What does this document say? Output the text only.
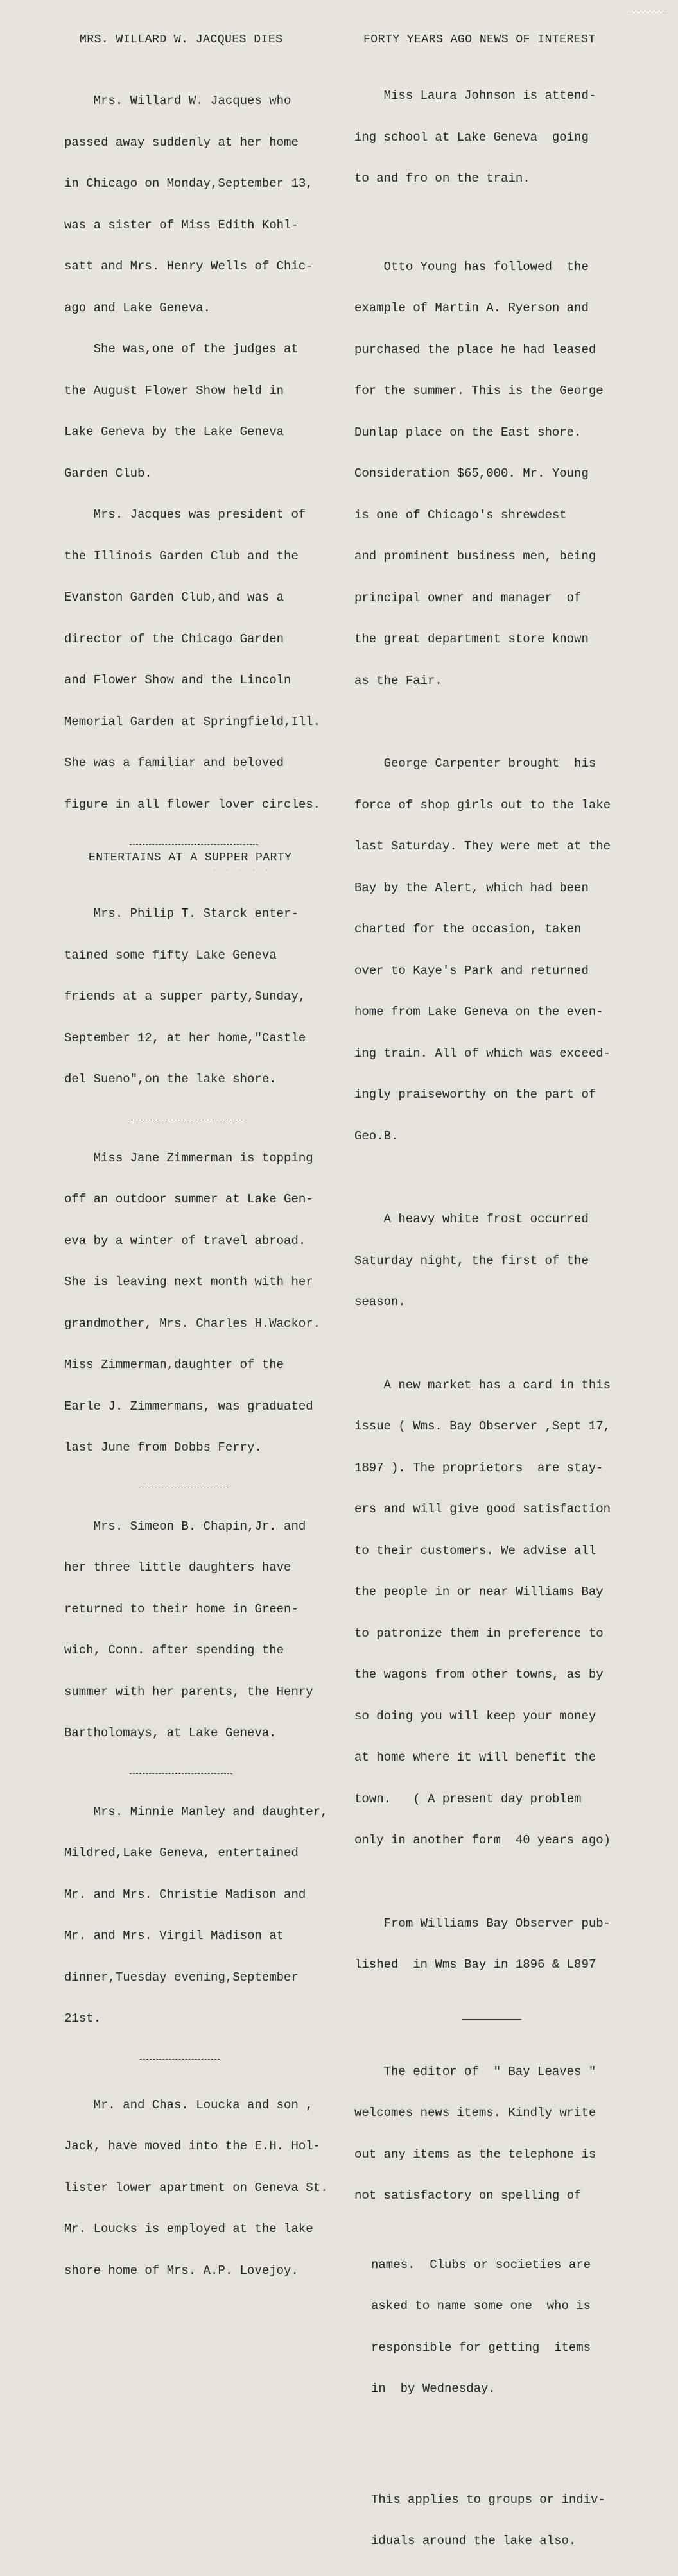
MRS. WILLARD W. JACQUES DIES

Mrs. Willard W. Jacques who

passed away suddenly at her home

in Chicago on Monday,September 13,

was a sister of Miss Edith Kohl-

satt and Mrs. Henry Wells of Chic-

ago and Lake Geneva.

She was,one of the judges at

the August Flower Show held in

Lake Geneva by the Lake Geneva

Garden Club.

Mrs. Jacques was president of

the Illinois Garden Club and the

Evanston Garden Club,and was a

director of the Chicago Garden

and Flower Show and the Lincoln

Memorial Garden at Springfield,Ill.

She was a familiar and beloved

figure in all flower lover circles.

ENTERTAINS AT A SUPPER PARTY

Mrs. Philip T. Starck enter-

tained some fifty Lake Geneva

friends at a supper party,Sunday,

September 12, at her home,"Castle

del Sueno",on the lake shore.

Miss Jane Zimmerman is topping

off an outdoor summer at Lake Gen-

eva by a winter of travel abroad.

She is leaving next month with her

grandmother, Mrs. Charles H.Wackor.

Miss Zimmerman,daughter of the

Earle J. Zimmermans, was graduated

last June from Dobbs Ferry.

Mrs. Simeon B. Chapin,Jr. and

her three little daughters have

returned to their home in Green-

wich, Conn. after spending the

summer with her parents, the Henry

Bartholomays, at Lake Geneva.

Mrs. Minnie Manley and daughter,

Mildred,Lake Geneva, entertained

Mr. and Mrs. Christie Madison and

Mr. and Mrs. Virgil Madison at

dinner,Tuesday evening,September

21st.

Mr. and Chas. Loucka and son ,

Jack, have moved into the E.H. Hol-

lister lower apartment on Geneva St.

Mr. Loucks is employed at the lake

shore home of Mrs. A.P. Lovejoy.

FORTY YEARS AGO NEWS OF INTEREST

Miss Laura Johnson is attend-

ing school at Lake Geneva  going

to and fro on the train.

Otto Young has followed  the

example of Martin A. Ryerson and

purchased the place he had leased

for the summer. This is the George

Dunlap place on the East shore.

Consideration $65,000. Mr. Young

is one of Chicago's shrewdest

and prominent business men, being

principal owner and manager  of

the great department store known

as the Fair.

George Carpenter brought  his

force of shop girls out to the lake

last Saturday. They were met at the

Bay by the Alert, which had been

charted for the occasion, taken

over to Kaye's Park and returned

home from Lake Geneva on the even-

ing train. All of which was exceed-

ingly praiseworthy on the part of

Geo.B.

A heavy white frost occurred

Saturday night, the first of the

season.

A new market has a card in this

issue ( Wms. Bay Observer ,Sept 17,

1897 ). The proprietors  are stay-

ers and will give good satisfaction

to their customers. We advise all

the people in or near Williams Bay

to patronize them in preference to

the wagons from other towns, as by

so doing you will keep your money

at home where it will benefit the

town.   ( A present day problem

only in another form  40 years ago)

From Williams Bay Observer pub-

lished  in Wms Bay in 1896 & L897

The editor of  " Bay Leaves "

welcomes news items. Kindly write

out any items as the telephone is

not satisfactory on spelling of

names.  Clubs or societies are

asked to name some one  who is

responsible for getting  items

in  by Wednesday.

This applies to groups or indiv-

iduals around the lake also.

· · · · ·
